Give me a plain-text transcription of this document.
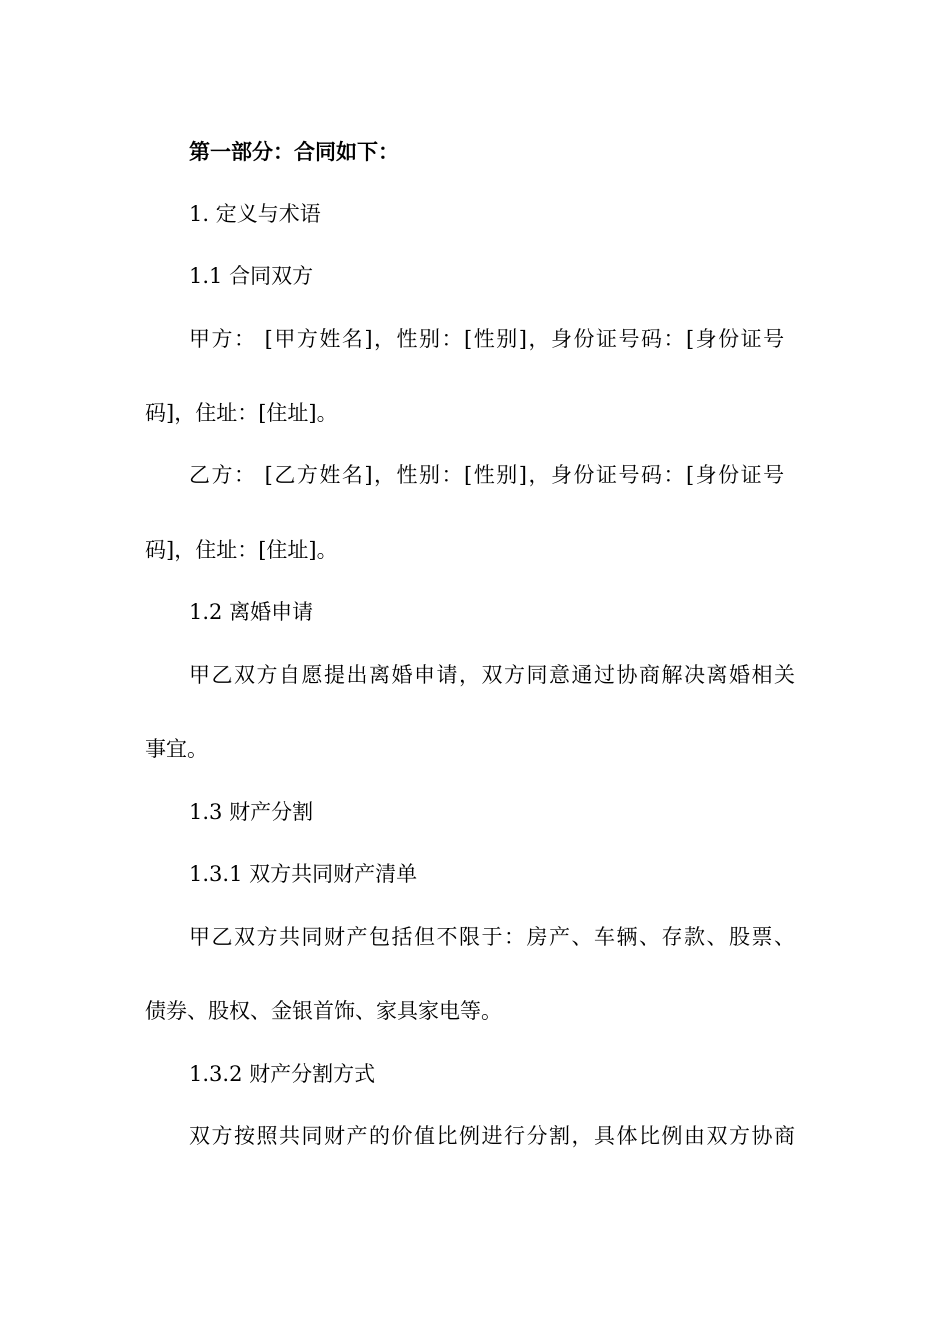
第一部分：合同如下：

1. 定义与术语

1.1 合同双方

甲方： [甲方姓名]，性别：[性别]，身份证号码：[身份证号

码]，住址：[住址]。

乙方： [乙方姓名]，性别：[性别]，身份证号码：[身份证号

码]，住址：[住址]。

1.2 离婚申请

甲乙双方自愿提出离婚申请，双方同意通过协商解决离婚相关

事宜。

1.3 财产分割

1.3.1 双方共同财产清单

甲乙双方共同财产包括但不限于：房产、车辆、存款、股票、

债券、股权、金银首饰、家具家电等。

1.3.2 财产分割方式

双方按照共同财产的价值比例进行分割，具体比例由双方协商
